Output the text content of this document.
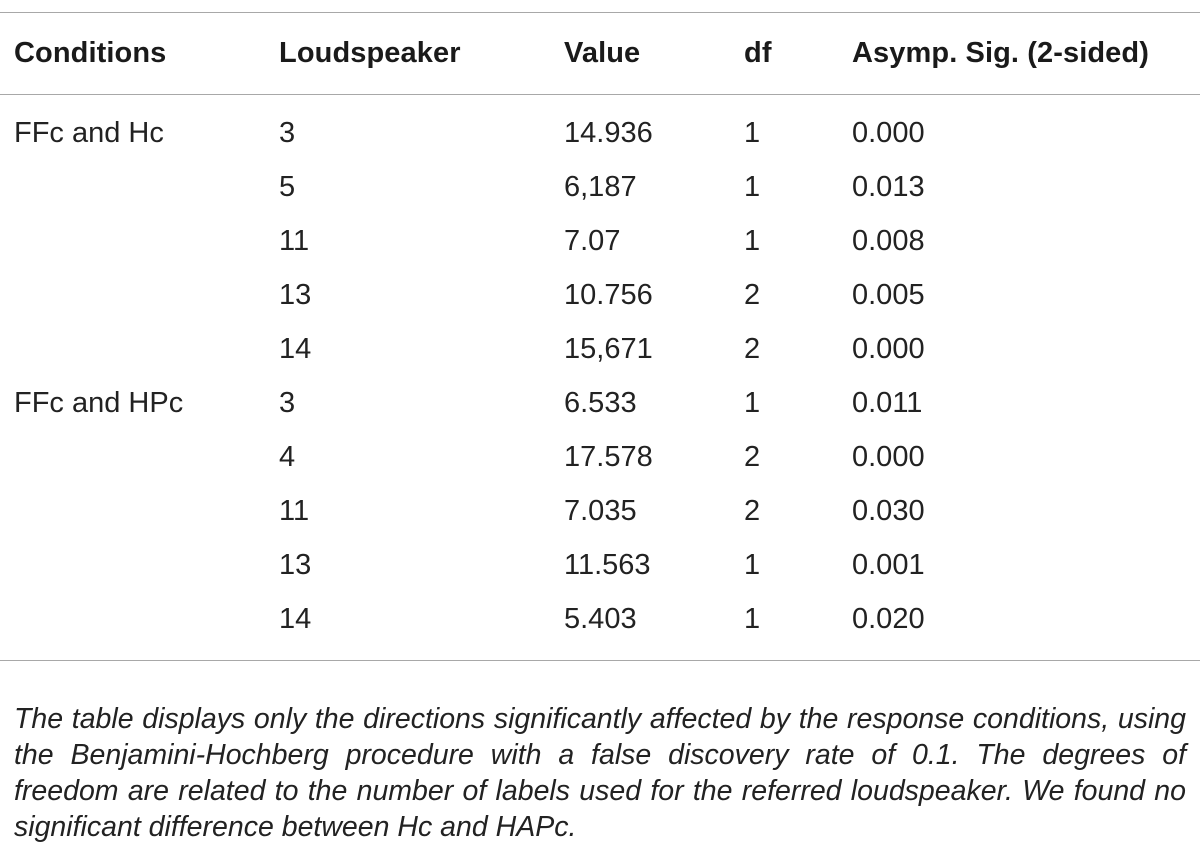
Conditions	Loudspeaker	Value	df	Asymp. Sig. (2-sided)

FFc and Hc	3	14.936	1	0.000
	5	6,187	1	0.013
	11	7.07	1	0.008
	13	10.756	2	0.005
	14	15,671	2	0.000
FFc and HPc	3	6.533	1	0.011
	4	17.578	2	0.000
	11	7.035	2	0.030
	13	11.563	1	0.001
	14	5.403	1	0.020

The table displays only the directions significantly affected by the response conditions, using the Benjamini-Hochberg procedure with a false discovery rate of 0.1. The degrees of freedom are related to the number of labels used for the referred loudspeaker. We found no significant difference between Hc and HAPc.
